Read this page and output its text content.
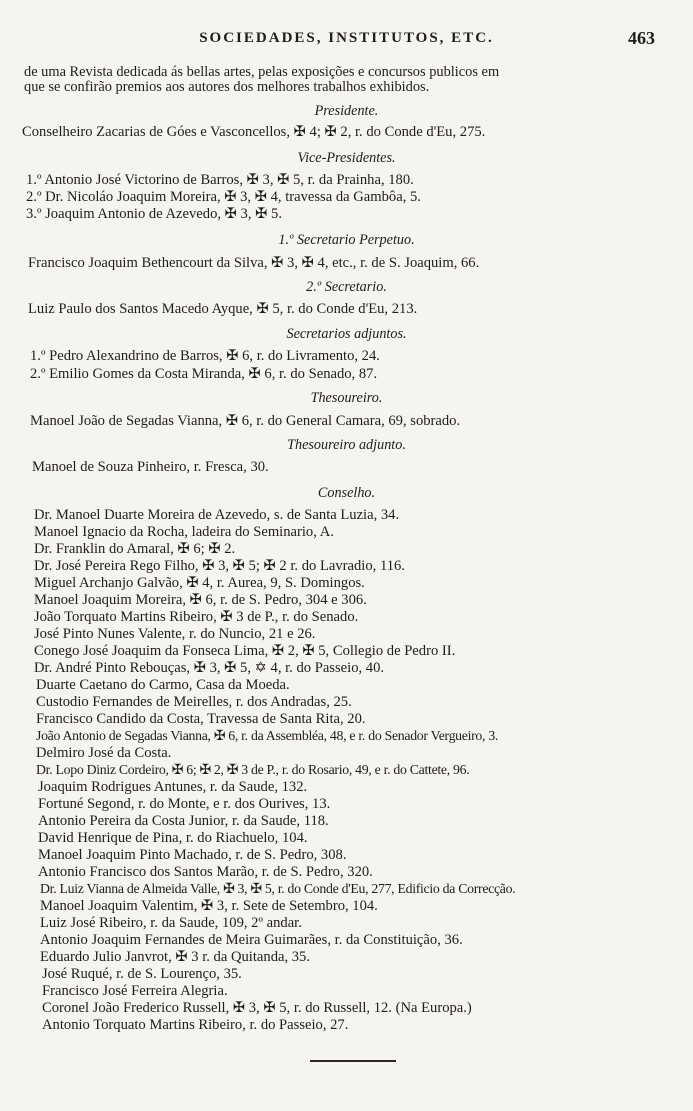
SOCIEDADES, INSTITUTOS, ETC.	463
de uma Revista dedicada ás bellas artes, pelas exposições e concursos publicos em
que se confirão premios aos autores dos melhores trabalhos exhibidos.
Presidente.
Conselheiro Zacarias de Góes e Vasconcellos, ✠ 4; ✠ 2, r. do Conde d'Eu, 275.
Vice-Presidentes.
1.º Antonio José Victorino de Barros, ✠ 3, ✠ 5, r. da Prainha, 180.
2.º Dr. Nicoláo Joaquim Moreira, ✠ 3, ✠ 4, travessa da Gambôa, 5.
3.º Joaquim Antonio de Azevedo, ✠ 3, ✠ 5.
1.º Secretario Perpetuo.
Francisco Joaquim Bethencourt da Silva, ✠ 3, ✠ 4, etc., r. de S. Joaquim, 66.
2.º Secretario.
Luiz Paulo dos Santos Macedo Ayque, ✠ 5, r. do Conde d'Eu, 213.
Secretarios adjuntos.
1.º Pedro Alexandrino de Barros, ✠ 6, r. do Livramento, 24.
2.º Emilio Gomes da Costa Miranda, ✠ 6, r. do Senado, 87.
Thesoureiro.
Manoel João de Segadas Vianna, ✠ 6, r. do General Camara, 69, sobrado.
Thesoureiro adjunto.
Manoel de Souza Pinheiro, r. Fresca, 30.
Conselho.
Dr. Manoel Duarte Moreira de Azevedo, s. de Santa Luzia, 34.
Manoel Ignacio da Rocha, ladeira do Seminario, A.
Dr. Franklin do Amaral, ✠ 6; ✠ 2.
Dr. José Pereira Rego Filho, ✠ 3, ✠ 5; ✠ 2 r. do Lavradio, 116.
Miguel Archanjo Galvão, ✠ 4, r. Aurea, 9, S. Domingos.
Manoel Joaquim Moreira, ✠ 6, r. de S. Pedro, 304 e 306.
João Torquato Martins Ribeiro, ✠ 3 de P., r. do Senado.
José Pinto Nunes Valente, r. do Nuncio, 21 e 26.
Conego José Joaquim da Fonseca Lima, ✠ 2, ✠ 5, Collegio de Pedro II.
Dr. André Pinto Rebouças, ✠ 3, ✠ 5, ✡ 4, r. do Passeio, 40.
Duarte Caetano do Carmo, Casa da Moeda.
Custodio Fernandes de Meirelles, r. dos Andradas, 25.
Francisco Candido da Costa, Travessa de Santa Rita, 20.
João Antonio de Segadas Vianna, ✠ 6, r. da Assembléa, 48, e r. do Senador Vergueiro, 3.
Delmiro José da Costa.
Dr. Lopo Diniz Cordeiro, ✠ 6; ✠ 2, ✠ 3 de P., r. do Rosario, 49, e r. do Cattete, 96.
Joaquim Rodrigues Antunes, r. da Saude, 132.
Fortuné Segond, r. do Monte, e r. dos Ourives, 13.
Antonio Pereira da Costa Junior, r. da Saude, 118.
David Henrique de Pina, r. do Riachuelo, 104.
Manoel Joaquim Pinto Machado, r. de S. Pedro, 308.
Antonio Francisco dos Santos Marão, r. de S. Pedro, 320.
Dr. Luiz Vianna de Almeida Valle, ✠ 3, ✠ 5, r. do Conde d'Eu, 277, Edificio da Correcção.
Manoel Joaquim Valentim, ✠ 3, r. Sete de Setembro, 104.
Luiz José Ribeiro, r. da Saude, 109, 2º andar.
Antonio Joaquim Fernandes de Meira Guimarães, r. da Constituição, 36.
Eduardo Julio Janvrot, ✠ 3 r. da Quitanda, 35.
José Ruqué, r. de S. Lourenço, 35.
Francisco José Ferreira Alegria.
Coronel João Frederico Russell, ✠ 3, ✠ 5, r. do Russell, 12. (Na Europa.)
Antonio Torquato Martins Ribeiro, r. do Passeio, 27.
